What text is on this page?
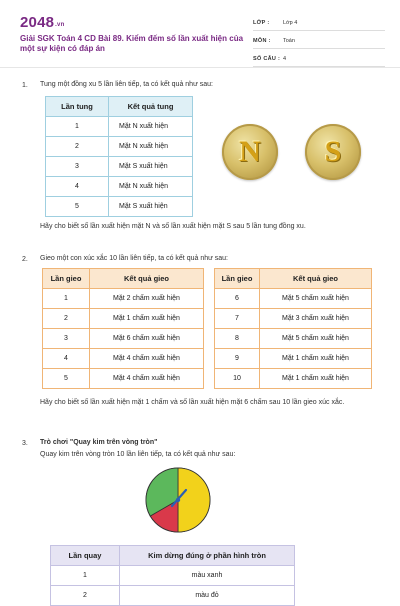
$2048_{.vn}$
Giải SGK Toán 4 CD Bài 89. Kiểm đếm số lần xuất hiện của một sự kiện có đáp án
LỚP :	Lớp 4
MÔN :	Toán
SỐ CÂU : 4
1. Tung một đồng xu 5 lần liên tiếp, ta có kết quả như sau:
Lần tung	Kết quả tung
1	Mặt N xuất hiện
2	Mặt N xuất hiện
3	Mặt S xuất hiện
4	Mặt N xuất hiện
5	Mặt S xuất hiện
N S
Hãy cho biết số lần xuất hiện mặt N và số lần xuất hiện mặt S sau 5 lần tung đồng xu.
2. Gieo một con xúc xắc 10 lần liên tiếp, ta có kết quả như sau:
Lần gieo	Kết quả gieo
1	Mặt 2 chấm xuất hiện
2	Mặt 1 chấm xuất hiện
3	Mặt 6 chấm xuất hiện
4	Mặt 4 chấm xuất hiện
5	Mặt 4 chấm xuất hiện
Lần gieo	Kết quả gieo
6	Mặt 5 chấm xuất hiện
7	Mặt 3 chấm xuất hiện
8	Mặt 5 chấm xuất hiện
9	Mặt 1 chấm xuất hiện
10	Mặt 1 chấm xuất hiện
Hãy cho biết số lần xuất hiện mặt 1 chấm và số lần xuất hiện mặt 6 chấm sau 10 lần gieo xúc xắc.
3. Trò chơi "Quay kim trên vòng tròn"
Quay kim trên vòng tròn 10 lần liên tiếp, ta có kết quả như sau:
Lần quay	Kim dừng đúng ở phần hình tròn
1	màu xanh
2	màu đỏ
